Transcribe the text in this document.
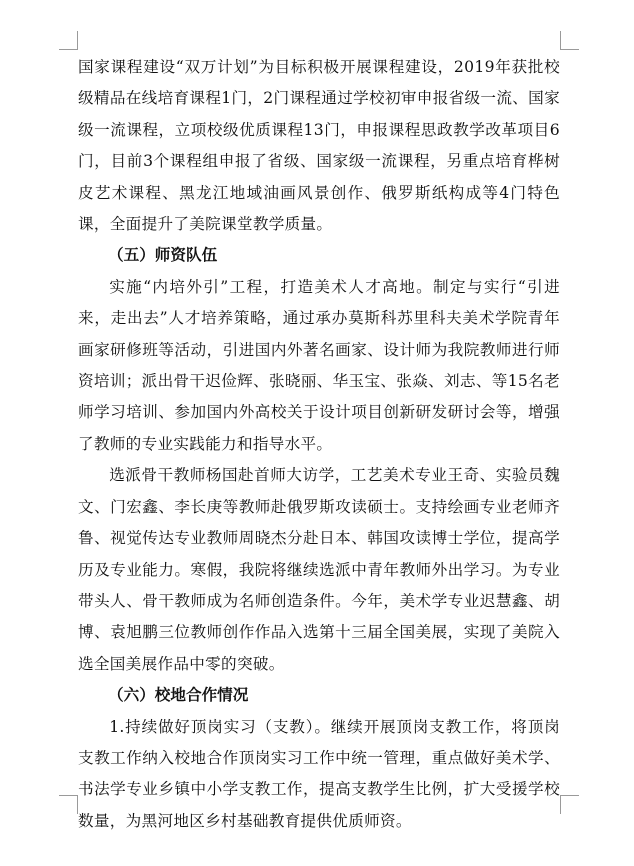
国家课程建设“双万计划”为目标积极开展课程建设，2019年获批校级精品在线培育课程1门，2门课程通过学校初审申报省级一流、国家级一流课程，立项校级优质课程13门，申报课程思政教学改革项目6门，目前3个课程组申报了省级、国家级一流课程，另重点培育桦树皮艺术课程、黑龙江地域油画风景创作、俄罗斯纸构成等4门特色课，全面提升了美院课堂教学质量。

（五）师资队伍

实施“内培外引”工程，打造美术人才高地。制定与实行“引进来，走出去”人才培养策略，通过承办莫斯科苏里科夫美术学院青年画家研修班等活动，引进国内外著名画家、设计师为我院教师进行师资培训；派出骨干迟俭辉、张晓丽、华玉宝、张焱、刘志、等15名老师学习培训、参加国内外高校关于设计项目创新研发研讨会等，增强了教师的专业实践能力和指导水平。

选派骨干教师杨国赴首师大访学，工艺美术专业王奇、实验员魏文、门宏鑫、李长庚等教师赴俄罗斯攻读硕士。支持绘画专业老师齐鲁、视觉传达专业教师周晓杰分赴日本、韩国攻读博士学位，提高学历及专业能力。寒假，我院将继续选派中青年教师外出学习。为专业带头人、骨干教师成为名师创造条件。今年，美术学专业迟慧鑫、胡博、袁旭鹏三位教师创作作品入选第十三届全国美展，实现了美院入选全国美展作品中零的突破。

（六）校地合作情况

1.持续做好顶岗实习（支教）。继续开展顶岗支教工作，将顶岗支教工作纳入校地合作顶岗实习工作中统一管理，重点做好美术学、书法学专业乡镇中小学支教工作，提高支教学生比例，扩大受援学校数量，为黑河地区乡村基础教育提供优质师资。
